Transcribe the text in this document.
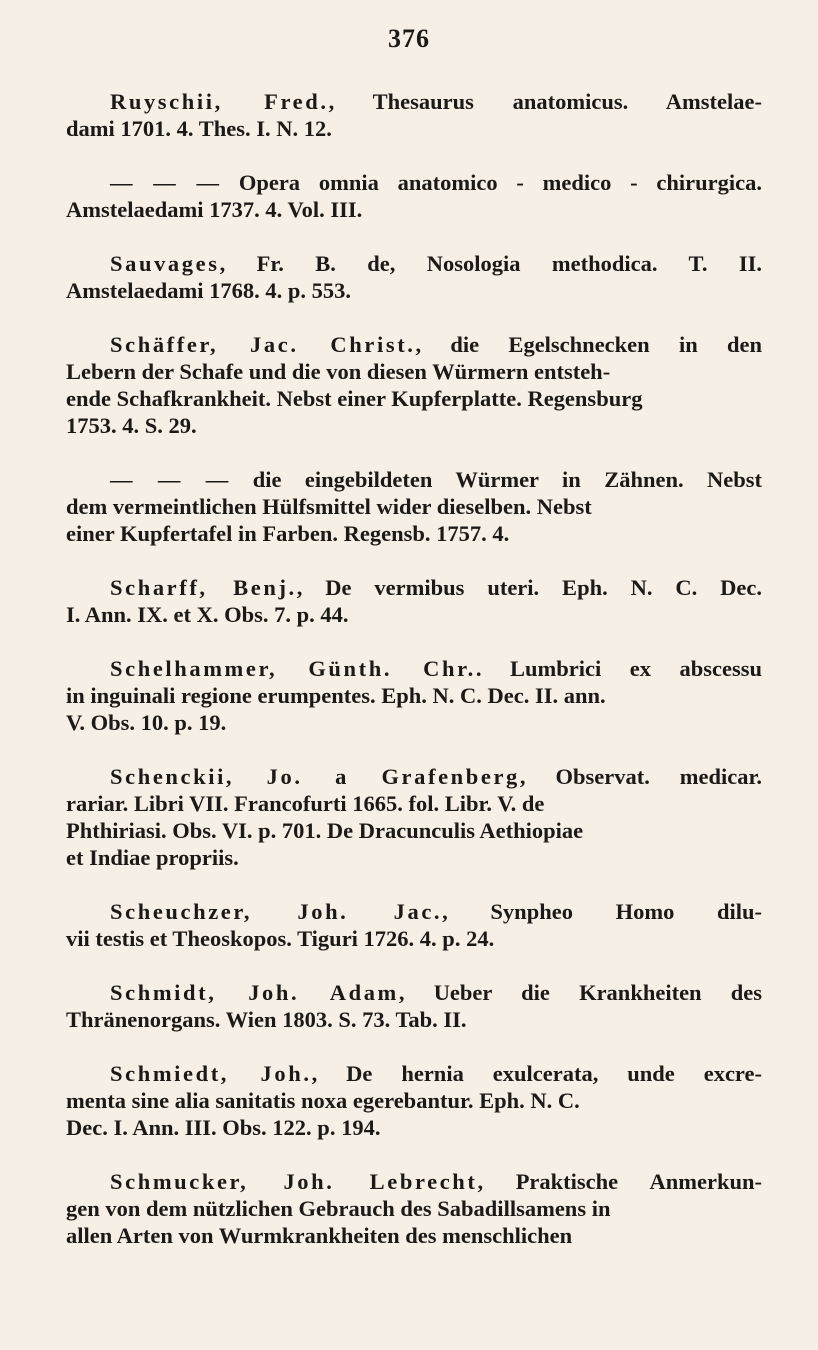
376
Ruyschii, Fred., Thesaurus anatomicus. Amstelae-
dami 1701. 4. Thes. I. N. 12.
— — — Opera omnia anatomico - medico - chirurgica.
Amstelaedami 1737. 4. Vol. III.
Sauvages, Fr. B. de, Nosologia methodica. T. II.
Amstelaedami 1768. 4. p. 553.
Schäffer, Jac. Christ., die Egelschnecken in den
Lebern der Schafe und die von diesen Würmern entsteh-
ende Schafkrankheit. Nebst einer Kupferplatte. Regensburg
1753. 4. S. 29.
— — — die eingebildeten Würmer in Zähnen. Nebst
dem vermeintlichen Hülfsmittel wider dieselben. Nebst
einer Kupfertafel in Farben. Regensb. 1757. 4.
Scharff, Benj., De vermibus uteri. Eph. N. C. Dec.
I. Ann. IX. et X. Obs. 7. p. 44.
Schelhammer, Günth. Chr.. Lumbrici ex abscessu
in inguinali regione erumpentes. Eph. N. C. Dec. II. ann.
V. Obs. 10. p. 19.
Schenckii, Jo. a Grafenberg, Observat. medicar.
rariar. Libri VII. Francofurti 1665. fol. Libr. V. de
Phthiriasi. Obs. VI. p. 701. De Dracunculis Aethiopiae
et Indiae propriis.
Scheuchzer, Joh. Jac., Synpheo Homo dilu-
vii testis et Theoskopos. Tiguri 1726. 4. p. 24.
Schmidt, Joh. Adam, Ueber die Krankheiten des
Thränenorgans. Wien 1803. S. 73. Tab. II.
Schmiedt, Joh., De hernia exulcerata, unde excre-
menta sine alia sanitatis noxa egerebantur. Eph. N. C.
Dec. I. Ann. III. Obs. 122. p. 194.
Schmucker, Joh. Lebrecht, Praktische Anmerkun-
gen von dem nützlichen Gebrauch des Sabadillsamens in
allen Arten von Wurmkrankheiten des menschlichen
